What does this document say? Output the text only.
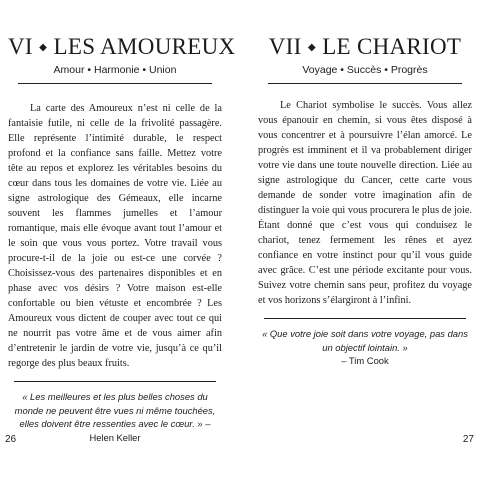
VI ⬩ LES AMOUREUX
Amour • Harmonie • Union

La carte des Amoureux n’est ni celle de la fantaisie futile, ni celle de la frivolité passagère. Elle représente l’intimité durable, le respect profond et la confiance sans faille. Mettez votre tête au repos et explorez les véritables besoins du cœur dans tous les domaines de votre vie. Liée au signe astrologique des Gémeaux, elle incarne souvent les flammes jumelles et l’amour romantique, mais elle évoque avant tout l’amour et le soin que vous vous portez. Votre travail vous procure-t-il de la joie ou est-ce une corvée ? Choisissez-vous des partenaires disponibles et en phase avec vos désirs ? Votre maison est-elle confortable ou bien vétuste et encombrée ? Les Amoureux vous dictent de couper avec tout ce qui ne nourrit pas votre âme et de vous aimer afin d’entretenir le jardin de votre vie, jusqu’à ce qu’il regorge des plus beaux fruits.

« Les meilleures et les plus belles choses du monde ne peuvent être vues ni même touchées, elles doivent être ressenties avec le cœur. » – Helen Keller
26
VII ⬩ LE CHARIOT
Voyage • Succès • Progrès

Le Chariot symbolise le succès. Vous allez vous épanouir en chemin, si vous êtes disposé à vous concentrer et à poursuivre l’élan amorcé. Le progrès est imminent et il va probablement diriger votre vie dans une toute nouvelle direction. Liée au signe astrologique du Cancer, cette carte vous demande de sonder votre imagination afin de distinguer la voie qui vous procurera le plus de joie. Étant donné que c’est vous qui conduisez le chariot, tenez fermement les rênes et ayez confiance en votre instinct pour qu’il vous guide avec grâce. C’est une période excitante pour vous. Suivez votre chemin sans peur, profitez du voyage et vos horizons s’élargiront à l’infini.

« Que votre joie soit dans votre voyage, pas dans un objectif lointain. »
– Tim Cook
27
